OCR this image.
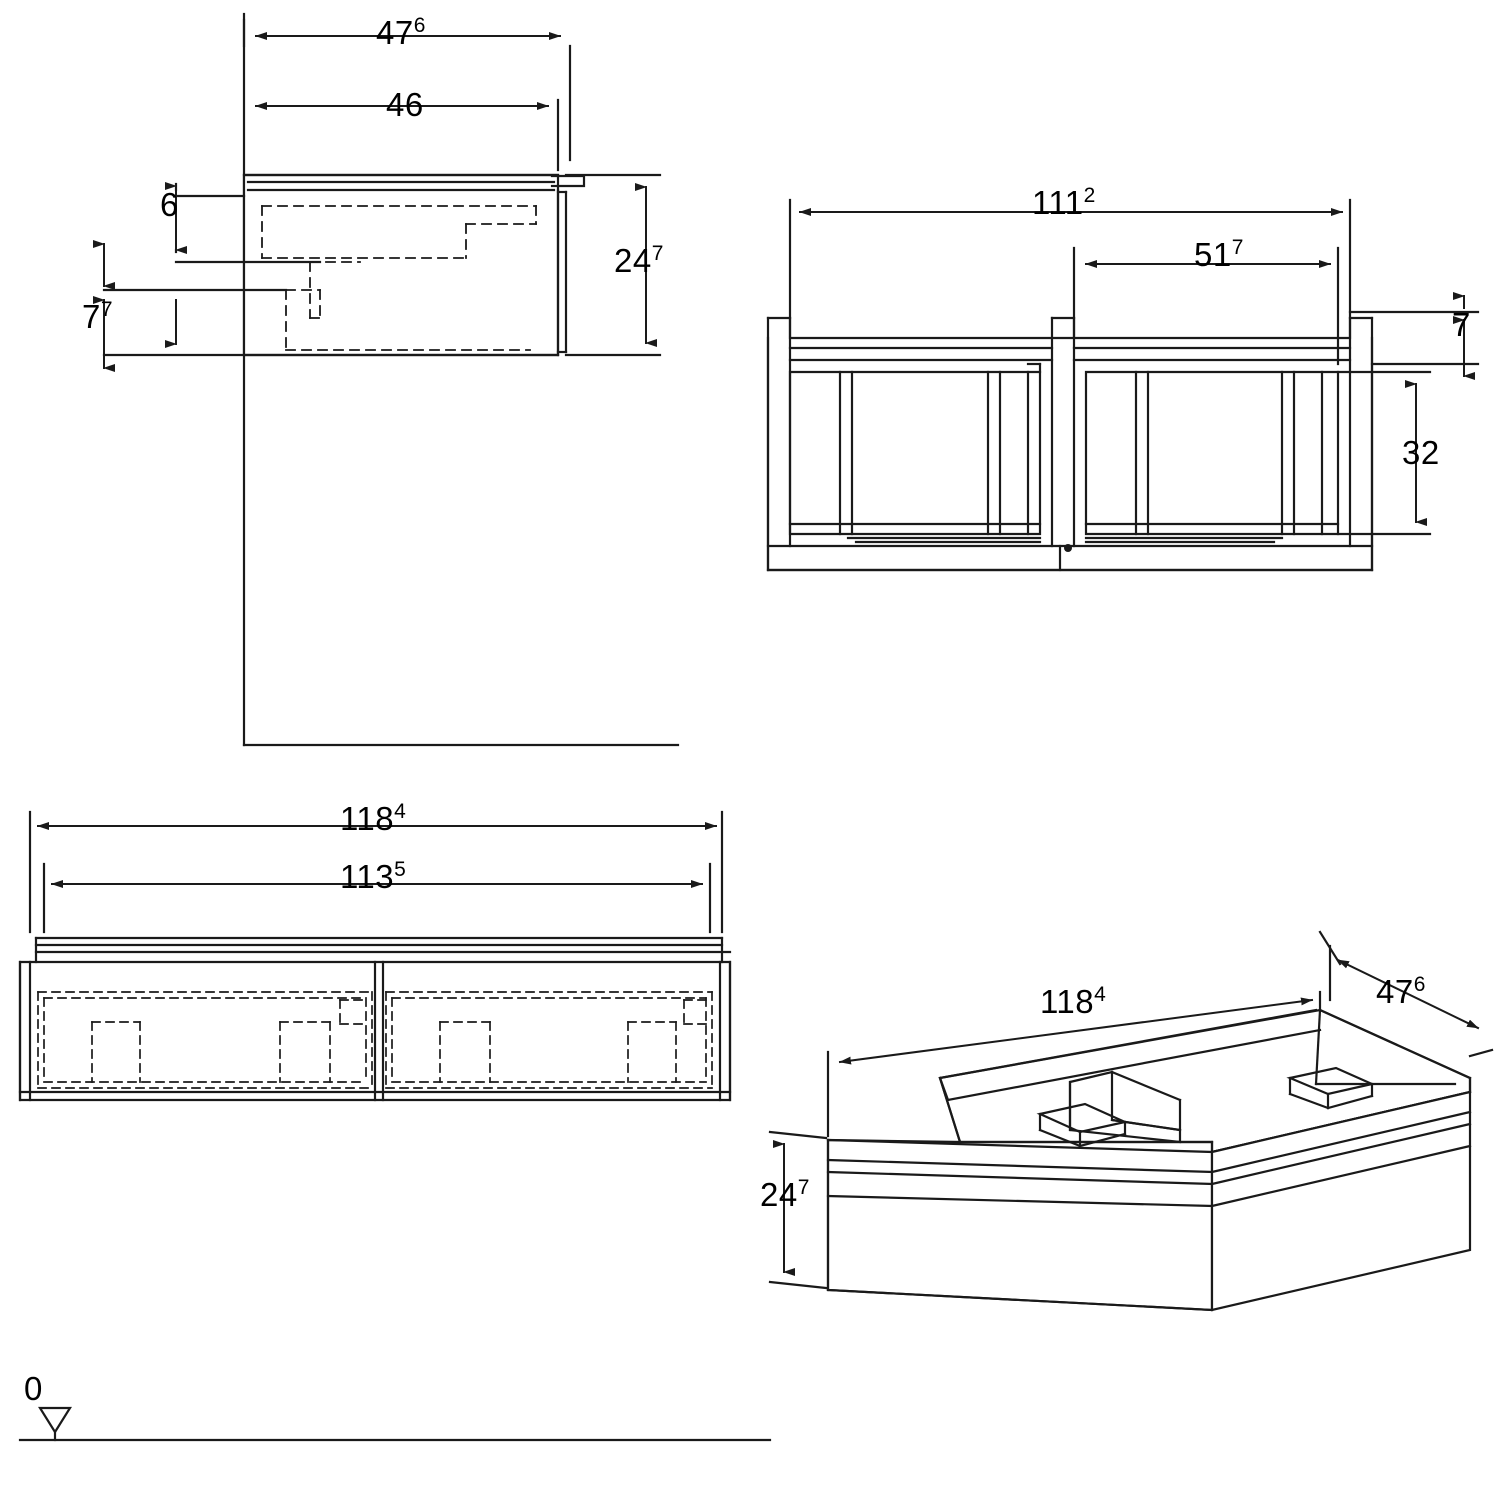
$47^6$
46
$24^7$
6
$7^7$
$111^2$
$51^7$
7
32
$118^4$
$113^5$
$118^4$	$47^6$
$24^7$
0
